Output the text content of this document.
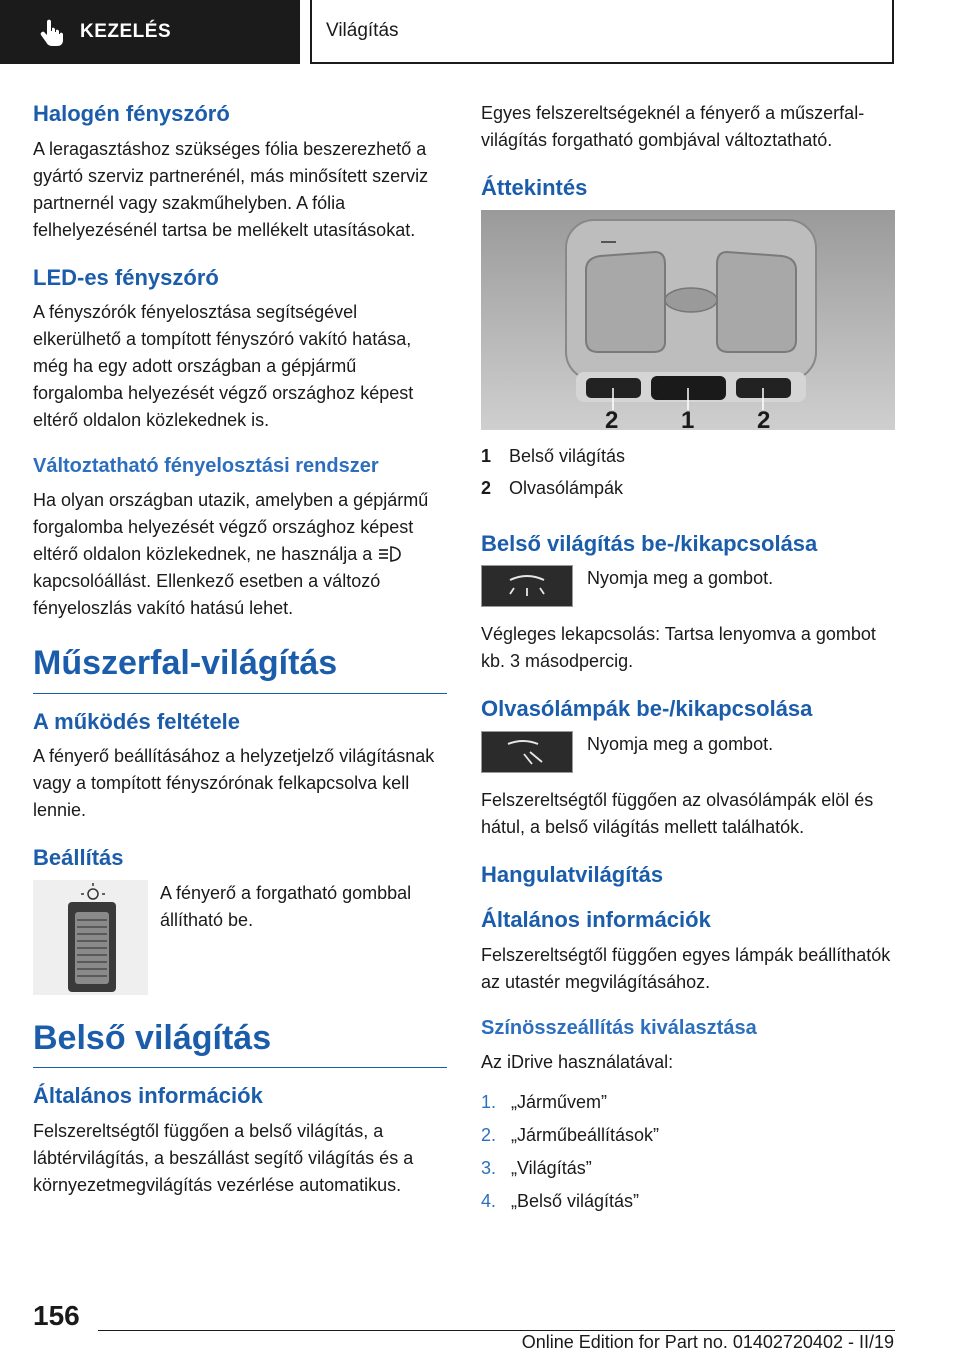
KEZELÉS	Világítás
Halogén fényszóró

A leragasztáshoz szükséges fólia beszerezhető a gyártó szerviz partnerénél, más minősített szerviz partnernél vagy szakműhelyben. A fólia felhelyezésénél tartsa be mellékelt utasításokat.

LED-es fényszóró

A fényszórók fényelosztása segítségével elkerülhető a tompított fényszóró vakító hatása, még ha egy adott országban a gépjármű forgalomba helyezését végző országhoz képest eltérő oldalon közlekednek is.

Változtatható fényelosztási rendszer

Ha olyan országban utazik, amelyben a gépjármű forgalomba helyezését végző országhoz képest eltérő oldalon közlekednek, ne használja a  kapcsolóállást. Ellenkező esetben a változó fényeloszlás vakító hatású lehet.

Műszerfal-világítás
A működés feltétele

A fényerő beállításához a helyzetjelző világításnak vagy a tompított fényszórónak felkapcsolva kell lennie.

Beállítás

A fényerő a forgatható gombbal állítható be.

Belső világítás
Általános információk

Felszereltségtől függően a belső világítás, a lábtérvilágítás, a beszállást segítő világítás és a környezetmegvilágítás vezérlése automatikus.

Egyes felszereltségeknél a fényerő a műszerfal-világítás forgatható gombjával változtatható.

Áttekintés
2	1	2
1 Belső világítás
2 Olvasólámpák
Belső világítás be-/kikapcsolása

Nyomja meg a gombot.

Végleges lekapcsolás: Tartsa lenyomva a gombot kb. 3 másodpercig.

Olvasólámpák be-/kikapcsolása

Nyomja meg a gombot.

Felszereltségtől függően az olvasólámpák elöl és hátul, a belső világítás mellett találhatók.

Hangulatvilágítás
Általános információk

Felszereltségtől függően egyes lámpák beállíthatók az utastér megvilágításához.

Színösszeállítás kiválasztása

Az iDrive használatával:

1. „Járművem”
2. „Járműbeállítások”
3. „Világítás”
4. „Belső világítás”
156
Online Edition for Part no. 01402720402 - II/19
